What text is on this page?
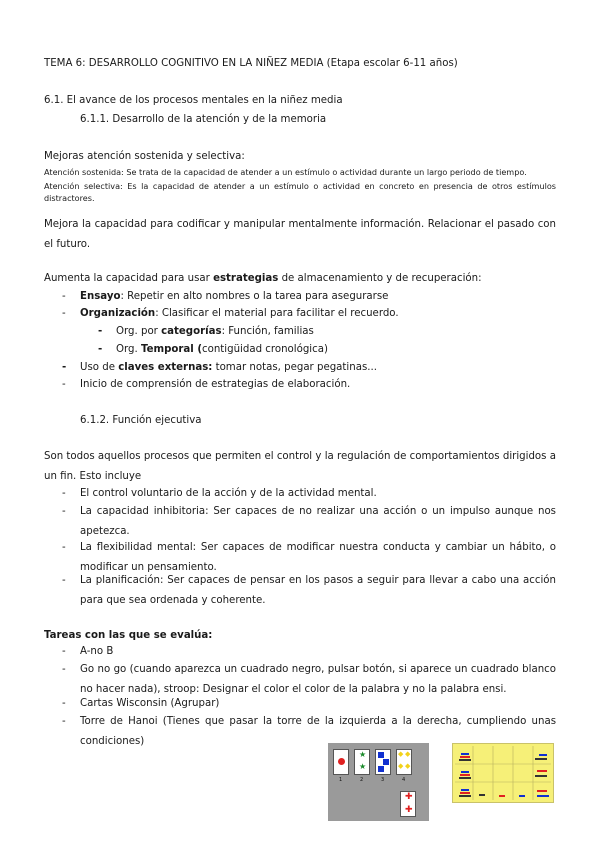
TEMA 6: DESARROLLO COGNITIVO EN LA NIÑEZ MEDIA (Etapa escolar 6-11 años)
6.1. El avance de los procesos mentales en la niñez media
6.1.1. Desarrollo de la atención y de la memoria
Mejoras atención sostenida y selectiva:
Atención sostenida: Se trata de la capacidad de atender a un estímulo o actividad durante un largo periodo de tiempo.
Atención selectiva: Es la capacidad de atender a un estímulo o actividad en concreto en presencia de otros estímulos distractores.
Mejora la capacidad para codificar y manipular mentalmente información. Relacionar el pasado con el futuro.
Aumenta la capacidad para usar estrategias de almacenamiento y de recuperación:
- Ensayo: Repetir en alto nombres o la tarea para asegurarse
- Organización: Clasificar el material para facilitar el recuerdo.
- Org. por categorías: Función, familias
- Org. Temporal (contigüidad cronológica)
- Uso de claves externas: tomar notas, pegar pegatinas...
- Inicio de comprensión de estrategias de elaboración.
6.1.2. Función ejecutiva
Son todos aquellos procesos que permiten el control y la regulación de comportamientos dirigidos a un fin. Esto incluye
- El control voluntario de la acción y de la actividad mental.
- La capacidad inhibitoria: Ser capaces de no realizar una acción o un impulso aunque nos apetezca.
- La flexibilidad mental: Ser capaces de modificar nuestra conducta y cambiar un hábito, o modificar un pensamiento.
- La planificación: Ser capaces de pensar en los pasos a seguir para llevar a cabo una acción para que sea ordenada y coherente.
Tareas con las que se evalúa:
- A-no B
- Go no go (cuando aparezca un cuadrado negro, pulsar botón, si aparece un cuadrado blanco no hacer nada), stroop: Designar el color el color de la palabra y no la palabra ensi.
- Cartas Wisconsin (Agrupar)
- Torre de Hanoi (Tienes que pasar la torre de la izquierda a la derecha, cumpliendo unas condiciones)
★
★
◆ ◆
◆ ◆
1	2	3	4
✚
✚
